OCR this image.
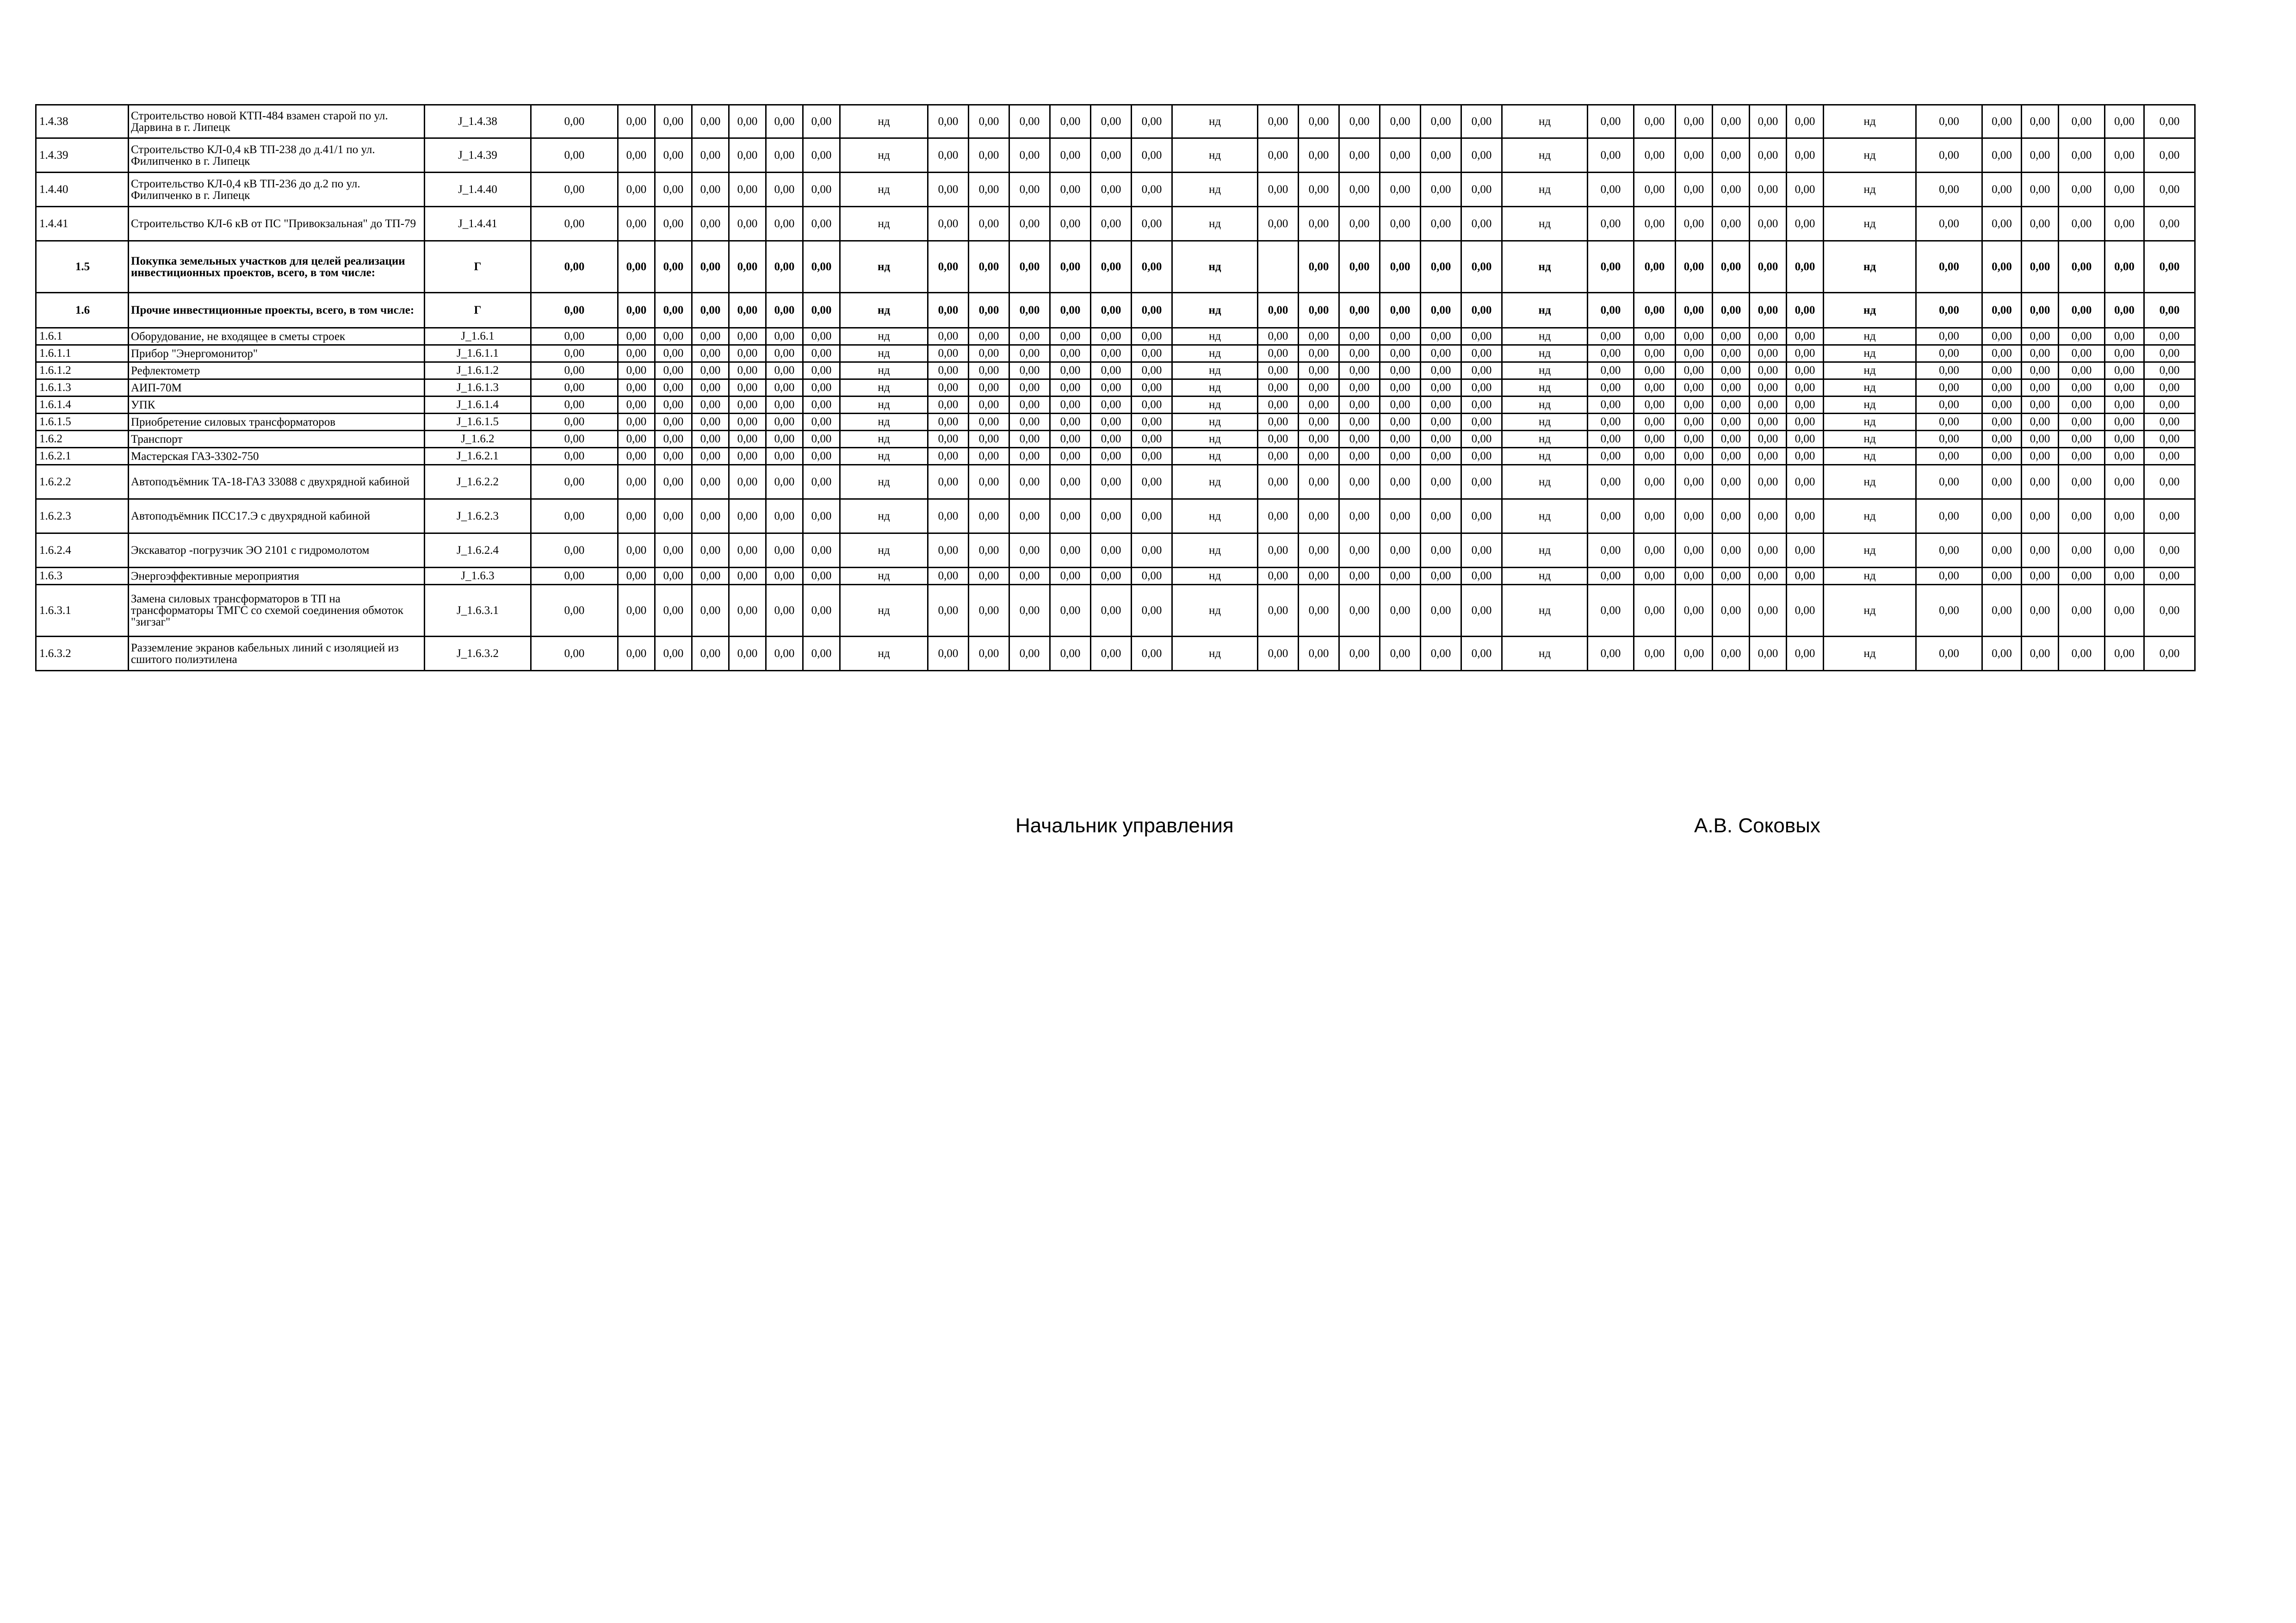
1.4.38	Строительство новой КТП-484 взамен старой по ул. Дарвина в г. Липецк	J_1.4.38	0,00	0,00	0,00	0,00	0,00	0,00	0,00	нд	0,00	0,00	0,00	0,00	0,00	0,00	нд	0,00	0,00	0,00	0,00	0,00	0,00	нд	0,00	0,00	0,00	0,00	0,00	0,00	нд	0,00	0,00	0,00	0,00	0,00	0,00
1.4.39	Строительство КЛ-0,4 кВ ТП-238 до д.41/1 по ул. Филипченко в г. Липецк	J_1.4.39	0,00	0,00	0,00	0,00	0,00	0,00	0,00	нд	0,00	0,00	0,00	0,00	0,00	0,00	нд	0,00	0,00	0,00	0,00	0,00	0,00	нд	0,00	0,00	0,00	0,00	0,00	0,00	нд	0,00	0,00	0,00	0,00	0,00	0,00
1.4.40	Строительство КЛ-0,4 кВ ТП-236 до д.2 по ул. Филипченко в г. Липецк	J_1.4.40	0,00	0,00	0,00	0,00	0,00	0,00	0,00	нд	0,00	0,00	0,00	0,00	0,00	0,00	нд	0,00	0,00	0,00	0,00	0,00	0,00	нд	0,00	0,00	0,00	0,00	0,00	0,00	нд	0,00	0,00	0,00	0,00	0,00	0,00
1.4.41	Строительство КЛ-6 кВ от ПС "Привокзальная" до ТП-79	J_1.4.41	0,00	0,00	0,00	0,00	0,00	0,00	0,00	нд	0,00	0,00	0,00	0,00	0,00	0,00	нд	0,00	0,00	0,00	0,00	0,00	0,00	нд	0,00	0,00	0,00	0,00	0,00	0,00	нд	0,00	0,00	0,00	0,00	0,00	0,00
1.5	Покупка земельных участков для целей реализации инвестиционных проектов, всего, в том числе:	Г	0,00	0,00	0,00	0,00	0,00	0,00	0,00	нд	0,00	0,00	0,00	0,00	0,00	0,00	нд		0,00	0,00	0,00	0,00	0,00	нд	0,00	0,00	0,00	0,00	0,00	0,00	нд	0,00	0,00	0,00	0,00	0,00	0,00
1.6	Прочие инвестиционные проекты, всего, в том числе:	Г	0,00	0,00	0,00	0,00	0,00	0,00	0,00	нд	0,00	0,00	0,00	0,00	0,00	0,00	нд	0,00	0,00	0,00	0,00	0,00	0,00	нд	0,00	0,00	0,00	0,00	0,00	0,00	нд	0,00	0,00	0,00	0,00	0,00	0,00
1.6.1	Оборудование, не входящее в сметы строек	J_1.6.1	0,00	0,00	0,00	0,00	0,00	0,00	0,00	нд	0,00	0,00	0,00	0,00	0,00	0,00	нд	0,00	0,00	0,00	0,00	0,00	0,00	нд	0,00	0,00	0,00	0,00	0,00	0,00	нд	0,00	0,00	0,00	0,00	0,00	0,00
1.6.1.1	Прибор "Энергомонитор"	J_1.6.1.1	0,00	0,00	0,00	0,00	0,00	0,00	0,00	нд	0,00	0,00	0,00	0,00	0,00	0,00	нд	0,00	0,00	0,00	0,00	0,00	0,00	нд	0,00	0,00	0,00	0,00	0,00	0,00	нд	0,00	0,00	0,00	0,00	0,00	0,00
1.6.1.2	Рефлектометр	J_1.6.1.2	0,00	0,00	0,00	0,00	0,00	0,00	0,00	нд	0,00	0,00	0,00	0,00	0,00	0,00	нд	0,00	0,00	0,00	0,00	0,00	0,00	нд	0,00	0,00	0,00	0,00	0,00	0,00	нд	0,00	0,00	0,00	0,00	0,00	0,00
1.6.1.3	АИП-70М	J_1.6.1.3	0,00	0,00	0,00	0,00	0,00	0,00	0,00	нд	0,00	0,00	0,00	0,00	0,00	0,00	нд	0,00	0,00	0,00	0,00	0,00	0,00	нд	0,00	0,00	0,00	0,00	0,00	0,00	нд	0,00	0,00	0,00	0,00	0,00	0,00
1.6.1.4	УПК	J_1.6.1.4	0,00	0,00	0,00	0,00	0,00	0,00	0,00	нд	0,00	0,00	0,00	0,00	0,00	0,00	нд	0,00	0,00	0,00	0,00	0,00	0,00	нд	0,00	0,00	0,00	0,00	0,00	0,00	нд	0,00	0,00	0,00	0,00	0,00	0,00
1.6.1.5	Приобретение силовых трансформаторов	J_1.6.1.5	0,00	0,00	0,00	0,00	0,00	0,00	0,00	нд	0,00	0,00	0,00	0,00	0,00	0,00	нд	0,00	0,00	0,00	0,00	0,00	0,00	нд	0,00	0,00	0,00	0,00	0,00	0,00	нд	0,00	0,00	0,00	0,00	0,00	0,00
1.6.2	Транспорт	J_1.6.2	0,00	0,00	0,00	0,00	0,00	0,00	0,00	нд	0,00	0,00	0,00	0,00	0,00	0,00	нд	0,00	0,00	0,00	0,00	0,00	0,00	нд	0,00	0,00	0,00	0,00	0,00	0,00	нд	0,00	0,00	0,00	0,00	0,00	0,00
1.6.2.1	Мастерская ГАЗ-3302-750	J_1.6.2.1	0,00	0,00	0,00	0,00	0,00	0,00	0,00	нд	0,00	0,00	0,00	0,00	0,00	0,00	нд	0,00	0,00	0,00	0,00	0,00	0,00	нд	0,00	0,00	0,00	0,00	0,00	0,00	нд	0,00	0,00	0,00	0,00	0,00	0,00
1.6.2.2	Автоподъёмник ТА-18-ГАЗ 33088 с двухрядной кабиной	J_1.6.2.2	0,00	0,00	0,00	0,00	0,00	0,00	0,00	нд	0,00	0,00	0,00	0,00	0,00	0,00	нд	0,00	0,00	0,00	0,00	0,00	0,00	нд	0,00	0,00	0,00	0,00	0,00	0,00	нд	0,00	0,00	0,00	0,00	0,00	0,00
1.6.2.3	Автоподъёмник ПСС17.Э с двухрядной кабиной	J_1.6.2.3	0,00	0,00	0,00	0,00	0,00	0,00	0,00	нд	0,00	0,00	0,00	0,00	0,00	0,00	нд	0,00	0,00	0,00	0,00	0,00	0,00	нд	0,00	0,00	0,00	0,00	0,00	0,00	нд	0,00	0,00	0,00	0,00	0,00	0,00
1.6.2.4	Экскаватор -погрузчик ЭО 2101 с гидромолотом	J_1.6.2.4	0,00	0,00	0,00	0,00	0,00	0,00	0,00	нд	0,00	0,00	0,00	0,00	0,00	0,00	нд	0,00	0,00	0,00	0,00	0,00	0,00	нд	0,00	0,00	0,00	0,00	0,00	0,00	нд	0,00	0,00	0,00	0,00	0,00	0,00
1.6.3	Энергоэффективные мероприятия	J_1.6.3	0,00	0,00	0,00	0,00	0,00	0,00	0,00	нд	0,00	0,00	0,00	0,00	0,00	0,00	нд	0,00	0,00	0,00	0,00	0,00	0,00	нд	0,00	0,00	0,00	0,00	0,00	0,00	нд	0,00	0,00	0,00	0,00	0,00	0,00
1.6.3.1	Замена силовых трансформаторов в ТП на трансформаторы ТМГС со схемой соединения обмоток "зигзаг"	J_1.6.3.1	0,00	0,00	0,00	0,00	0,00	0,00	0,00	нд	0,00	0,00	0,00	0,00	0,00	0,00	нд	0,00	0,00	0,00	0,00	0,00	0,00	нд	0,00	0,00	0,00	0,00	0,00	0,00	нд	0,00	0,00	0,00	0,00	0,00	0,00
1.6.3.2	Разземление экранов кабельных линий с изоляцией из сшитого полиэтилена	J_1.6.3.2	0,00	0,00	0,00	0,00	0,00	0,00	0,00	нд	0,00	0,00	0,00	0,00	0,00	0,00	нд	0,00	0,00	0,00	0,00	0,00	0,00	нд	0,00	0,00	0,00	0,00	0,00	0,00	нд	0,00	0,00	0,00	0,00	0,00	0,00
Начальник управления	А.В. Соковых
